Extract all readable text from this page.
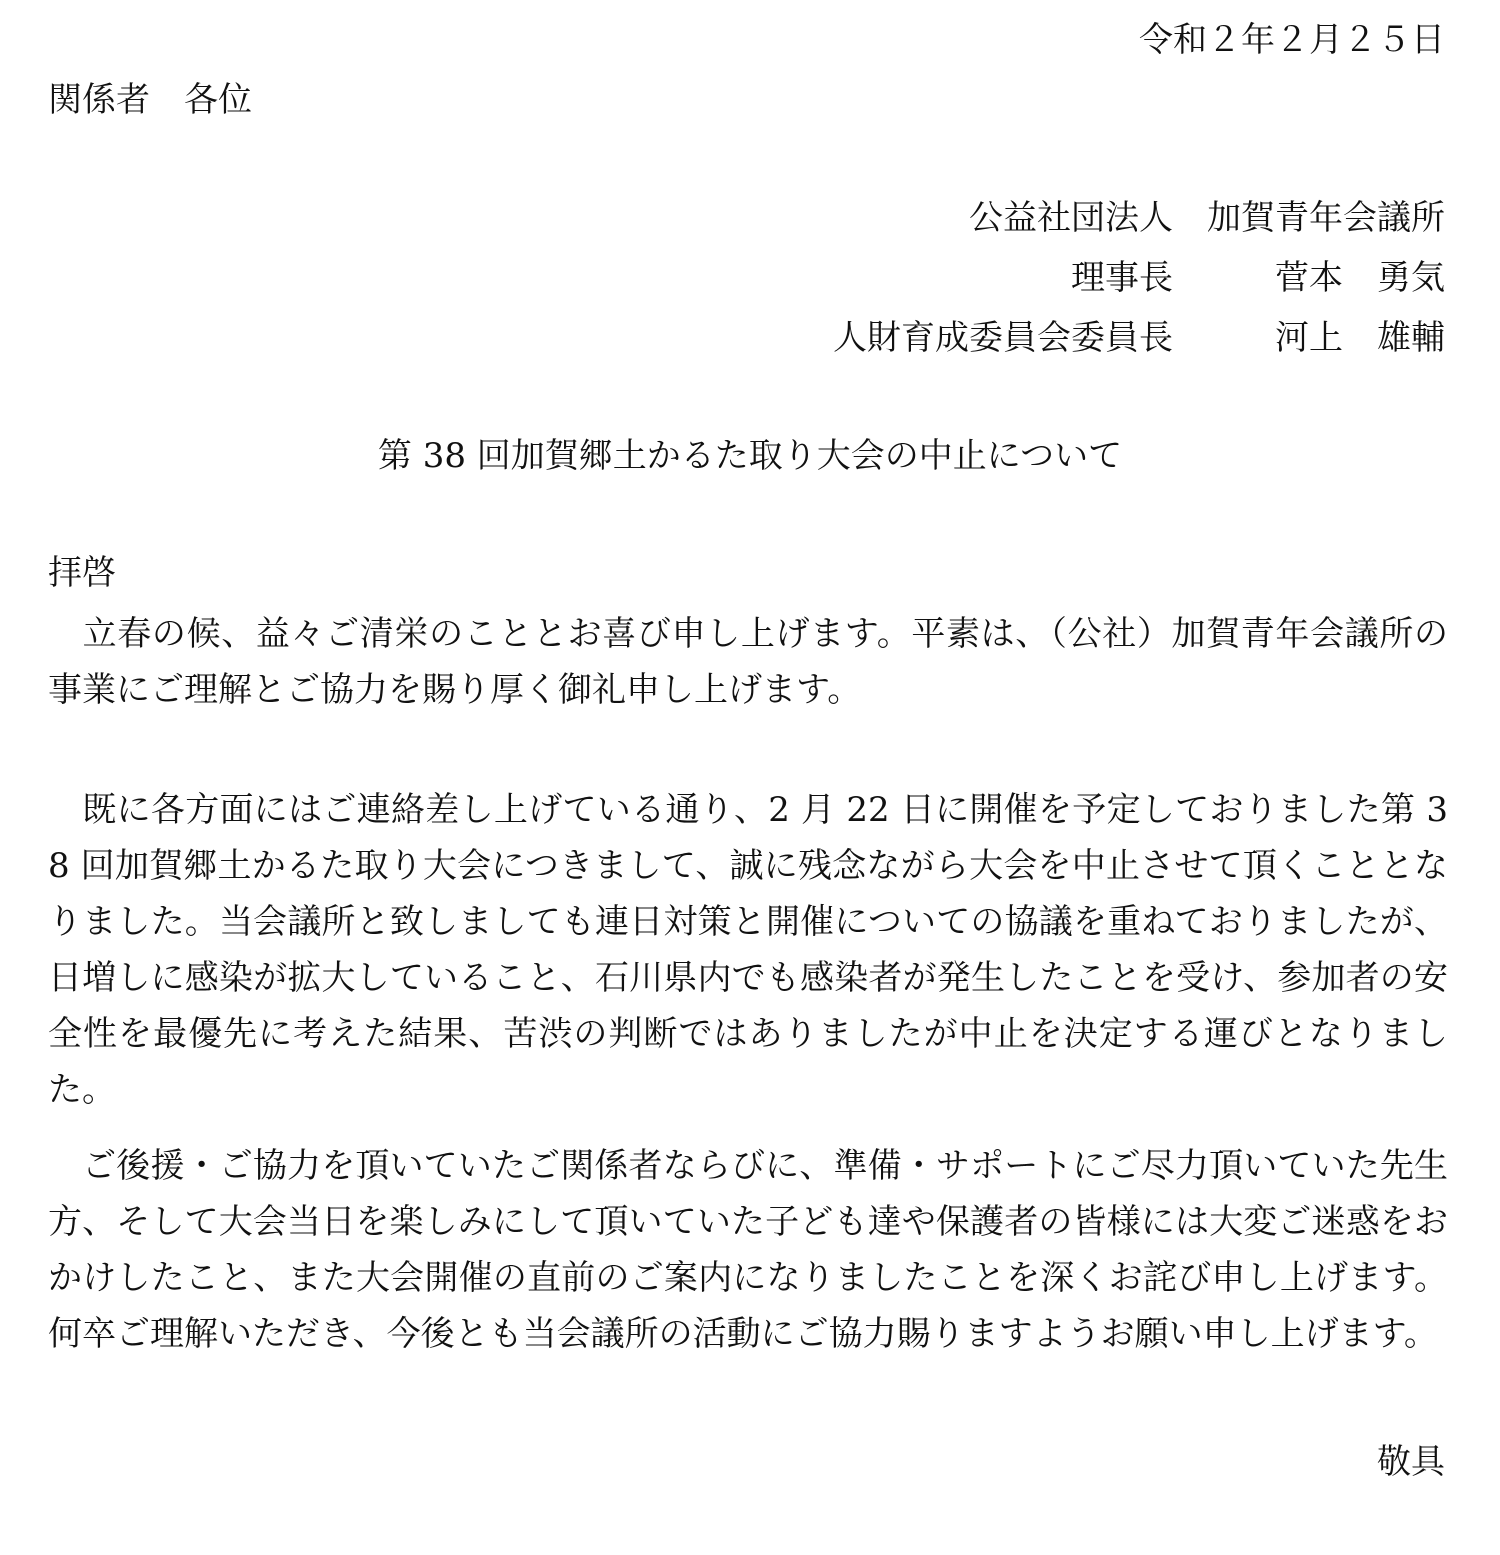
令和２年２月２５日

関係者　各位

公益社団法人　加賀青年会議所
理事長　　　菅本　勇気
人財育成委員会委員長　　　河上　雄輔

第 38 回加賀郷土かるた取り大会の中止について

拝啓

　立春の候、益々ご清栄のこととお喜び申し上げます。平素は、（公社）加賀青年会議所の事業にご理解とご協力を賜り厚く御礼申し上げます。

　既に各方面にはご連絡差し上げている通り、2 月 22 日に開催を予定しておりました第 38 回加賀郷土かるた取り大会につきまして、誠に残念ながら大会を中止させて頂くこととなりました。当会議所と致しましても連日対策と開催についての協議を重ねておりましたが、日増しに感染が拡大していること、石川県内でも感染者が発生したことを受け、参加者の安全性を最優先に考えた結果、苦渋の判断ではありましたが中止を決定する運びとなりました。

　ご後援・ご協力を頂いていたご関係者ならびに、準備・サポートにご尽力頂いていた先生方、そして大会当日を楽しみにして頂いていた子ども達や保護者の皆様には大変ご迷惑をおかけしたこと、また大会開催の直前のご案内になりましたことを深くお詫び申し上げます。何卒ご理解いただき、今後とも当会議所の活動にご協力賜りますようお願い申し上げます。

敬具
